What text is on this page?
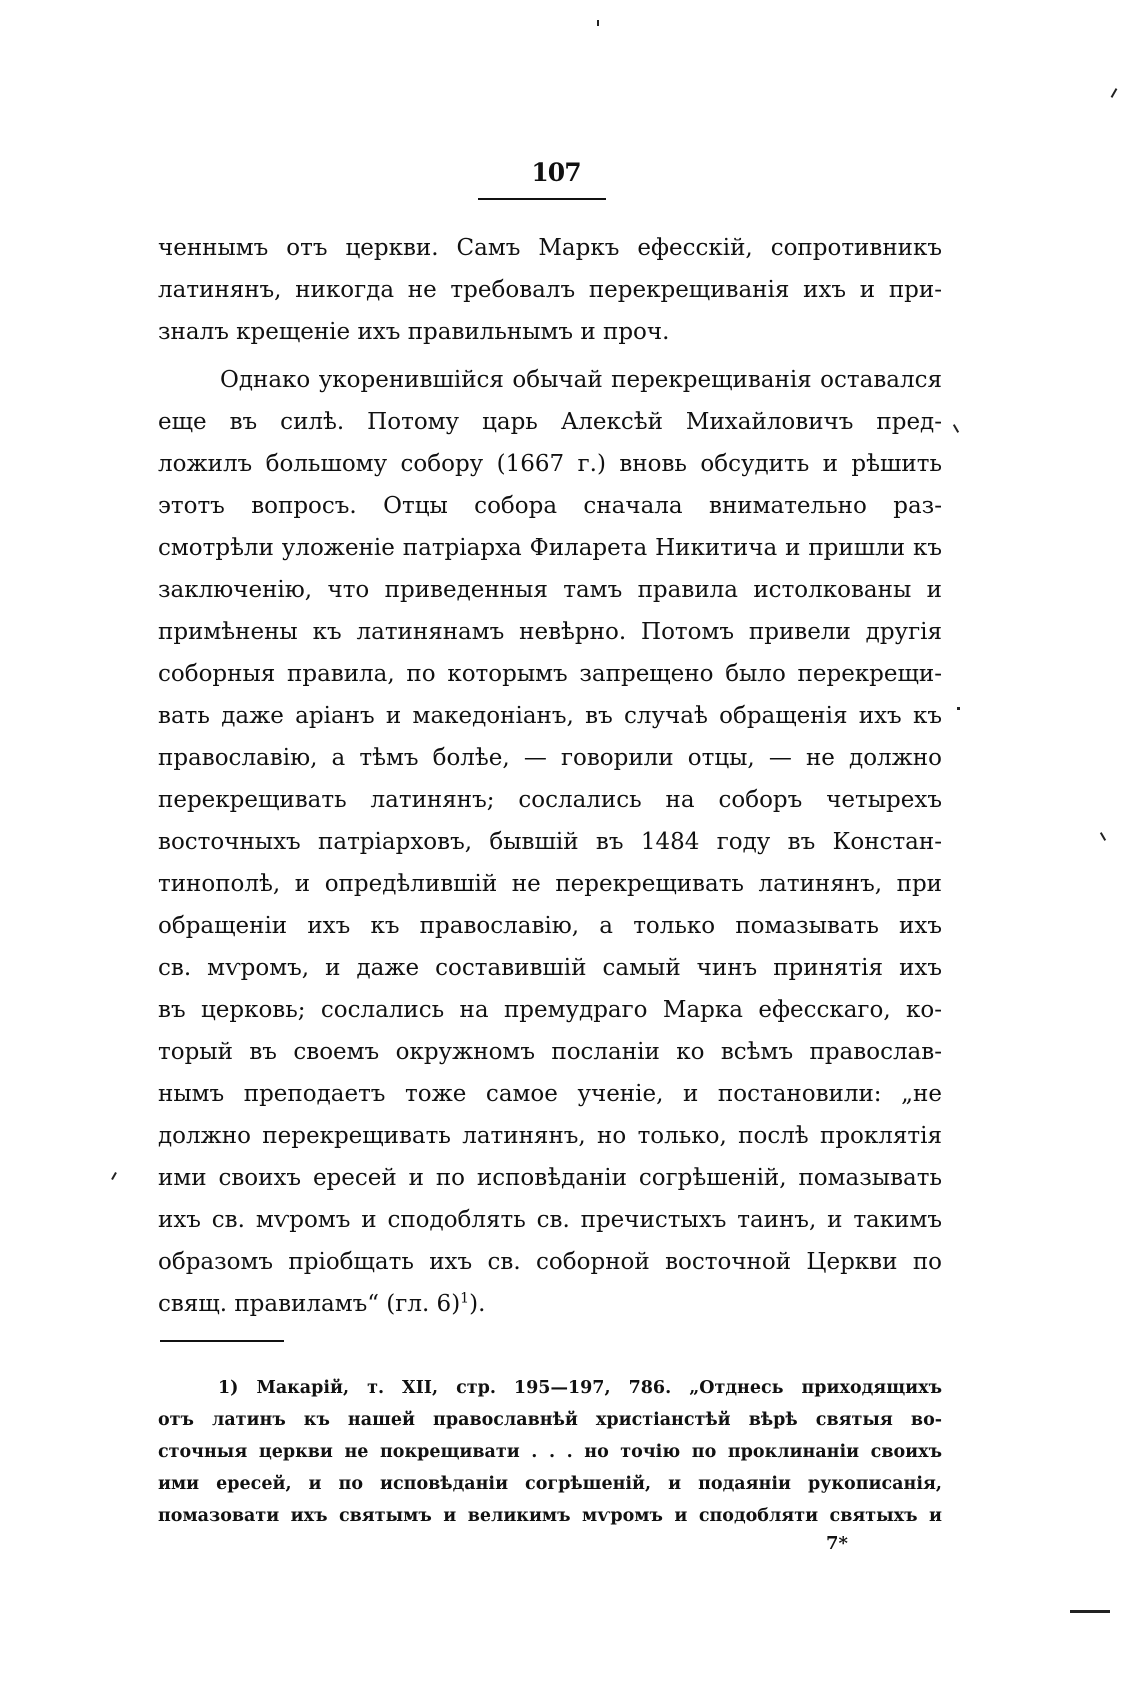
107
ченнымъ отъ церкви. Самъ Маркъ ефесскій, сопротивникъ
латинянъ, никогда не требовалъ перекрещиванія ихъ и при-
зналъ крещеніе ихъ правильнымъ и проч.
Однако укоренившійся обычай перекрещиванія оставался
еще въ силѣ. Потому царь Алексѣй Михайловичъ пред-
ложилъ большому собору (1667 г.) вновь обсудить и рѣшить
этотъ вопросъ. Отцы собора сначала внимательно раз-
смотрѣли уложеніе патріарха Филарета Никитича и пришли къ
заключенію, что приведенныя тамъ правила истолкованы и
примѣнены къ латинянамъ невѣрно. Потомъ привели другія
соборныя правила, по которымъ запрещено было перекрещи-
вать даже аріанъ и македоніанъ, въ случаѣ обращенія ихъ къ
православію, а тѣмъ болѣе, — говорили отцы, — не должно
перекрещивать латинянъ; сослались на соборъ четырехъ
восточныхъ патріарховъ, бывшій въ 1484 году въ Констан-
тинополѣ, и опредѣлившій не перекрещивать латинянъ, при
обращеніи ихъ къ православію, а только помазывать ихъ
св. мѵромъ, и даже составившій самый чинъ принятія ихъ
въ церковь; сослались на премудраго Марка ефесскаго, ко-
торый въ своемъ окружномъ посланіи ко всѣмъ православ-
нымъ преподаетъ тоже самое ученіе, и постановили: „не
должно перекрещивать латинянъ, но только, послѣ проклятія
ими своихъ ересей и по исповѣданіи согрѣшеній, помазывать
ихъ св. мѵромъ и сподоблять св. пречистыхъ таинъ, и такимъ
образомъ пріобщать ихъ св. соборной восточной Церкви по
свящ. правиламъ“ (гл. 6)$^1$).
1) Макарій, т. XII, стр. 195—197, 786. „Отднесь приходящихъ
отъ латинъ къ нашей православнѣй христіанстѣй вѣрѣ святыя во-
сточныя церкви не покрещивати . . . но точію по проклинаніи своихъ
ими ересей, и по исповѣданіи согрѣшеній, и подаяніи рукописанія,
помазовати ихъ святымъ и великимъ мѵромъ и сподобляти святыхъ и
7*
